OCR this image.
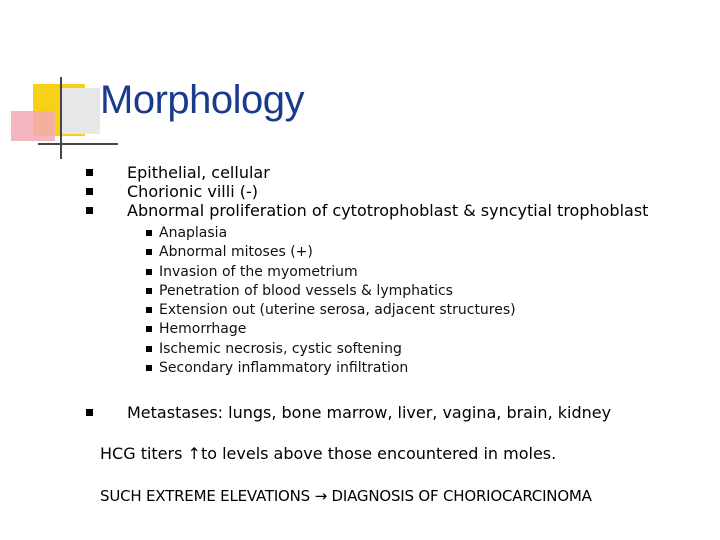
Morphology
Epithelial, cellular
Chorionic villi (-)
Abnormal proliferation of cytotrophoblast & syncytial trophoblast
Anaplasia
Abnormal mitoses (+)
Invasion of the myometrium
Penetration of blood vessels & lymphatics
Extension out (uterine serosa, adjacent structures)
Hemorrhage
Ischemic necrosis, cystic softening
Secondary inflammatory infiltration
Metastases: lungs, bone marrow, liver, vagina, brain, kidney

HCG titers ↑to levels above those encountered in moles.

SUCH EXTREME ELEVATIONS → DIAGNOSIS OF CHORIOCARCINOMA
